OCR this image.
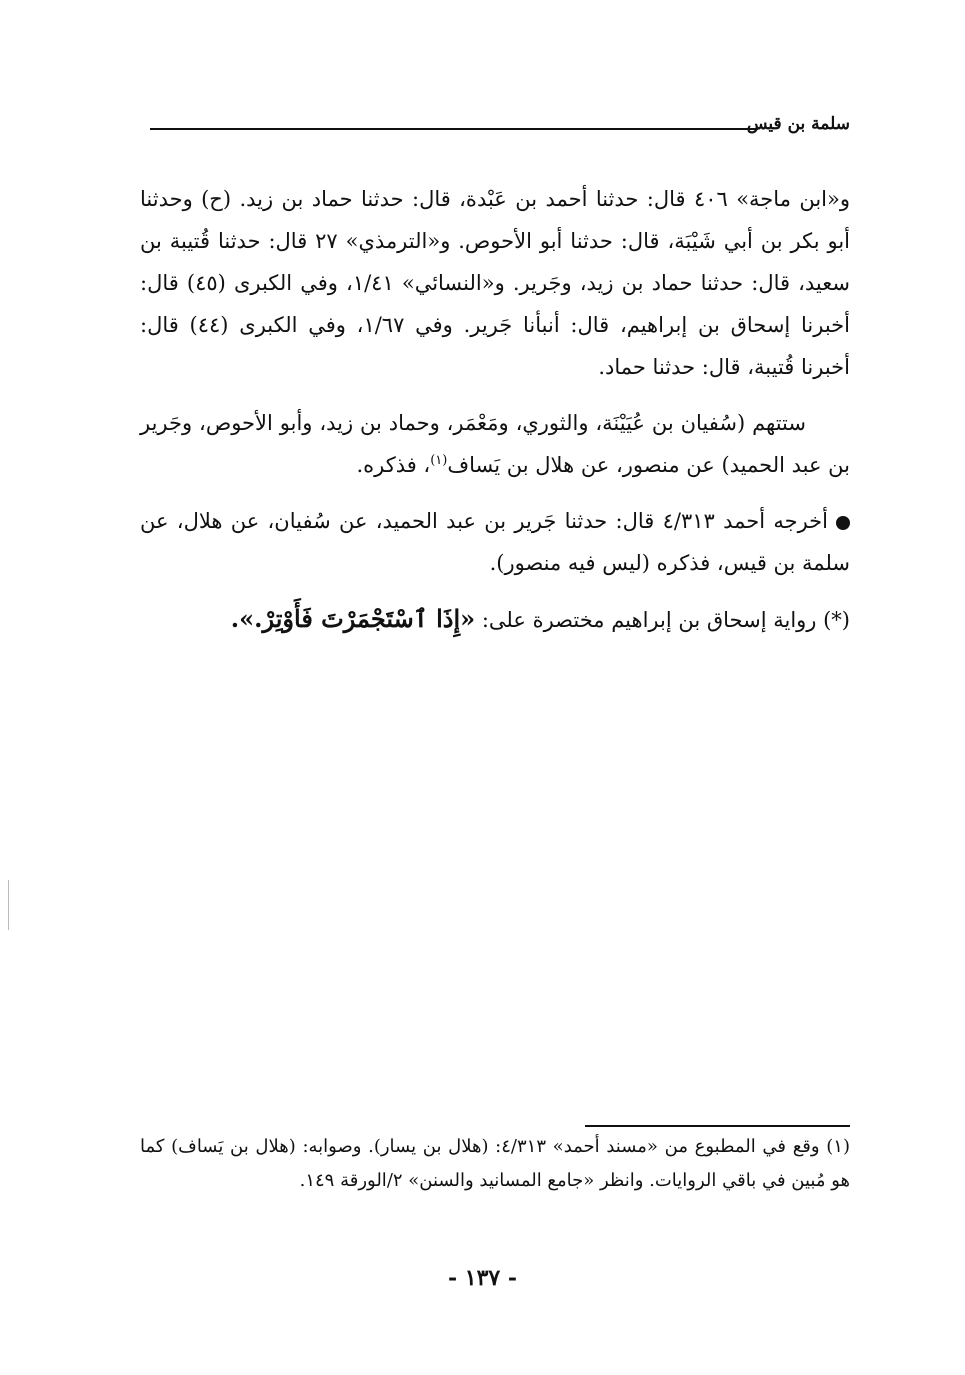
سلمة بن قيس

و«ابن ماجة» ٤٠٦ قال: حدثنا أحمد بن عَبْدة، قال: حدثنا حماد بن زيد. (ح) وحدثنا أبو بكر بن أبي شَيْبَة، قال: حدثنا أبو الأحوص. و«الترمذي» ٢٧ قال: حدثنا قُتيبة بن سعيد، قال: حدثنا حماد بن زيد، وجَرير. و«النسائي» ١/٤١، وفي الكبرى (٤٥) قال: أخبرنا إسحاق بن إبراهيم، قال: أنبأنا جَرير. وفي ١/٦٧، وفي الكبرى (٤٤) قال: أخبرنا قُتيبة، قال: حدثنا حماد.

ستتهم (سُفيان بن عُيَيْنَة، والثوري، ومَعْمَر، وحماد بن زيد، وأبو الأحوص، وجَرير بن عبد الحميد) عن منصور، عن هلال بن يَساف$^{(١)}$، فذكره.

أخرجه أحمد ٤/٣١٣ قال: حدثنا جَرير بن عبد الحميد، عن سُفيان، عن هلال، عن سلمة بن قيس، فذكره (ليس فيه منصور).

(*) رواية إسحاق بن إبراهيم مختصرة على: «إِذَا ٱسْتَجْمَرْتَ فَأَوْتِرْ.».

(١) وقع في المطبوع من «مسند أحمد» ٤/٣١٣: (هلال بن يسار). وصوابه: (هلال بن يَساف) كما هو مُبين في باقي الروايات. وانظر «جامع المسانيد والسنن» ٢/الورقة ١٤٩.

- ١٣٧ -
